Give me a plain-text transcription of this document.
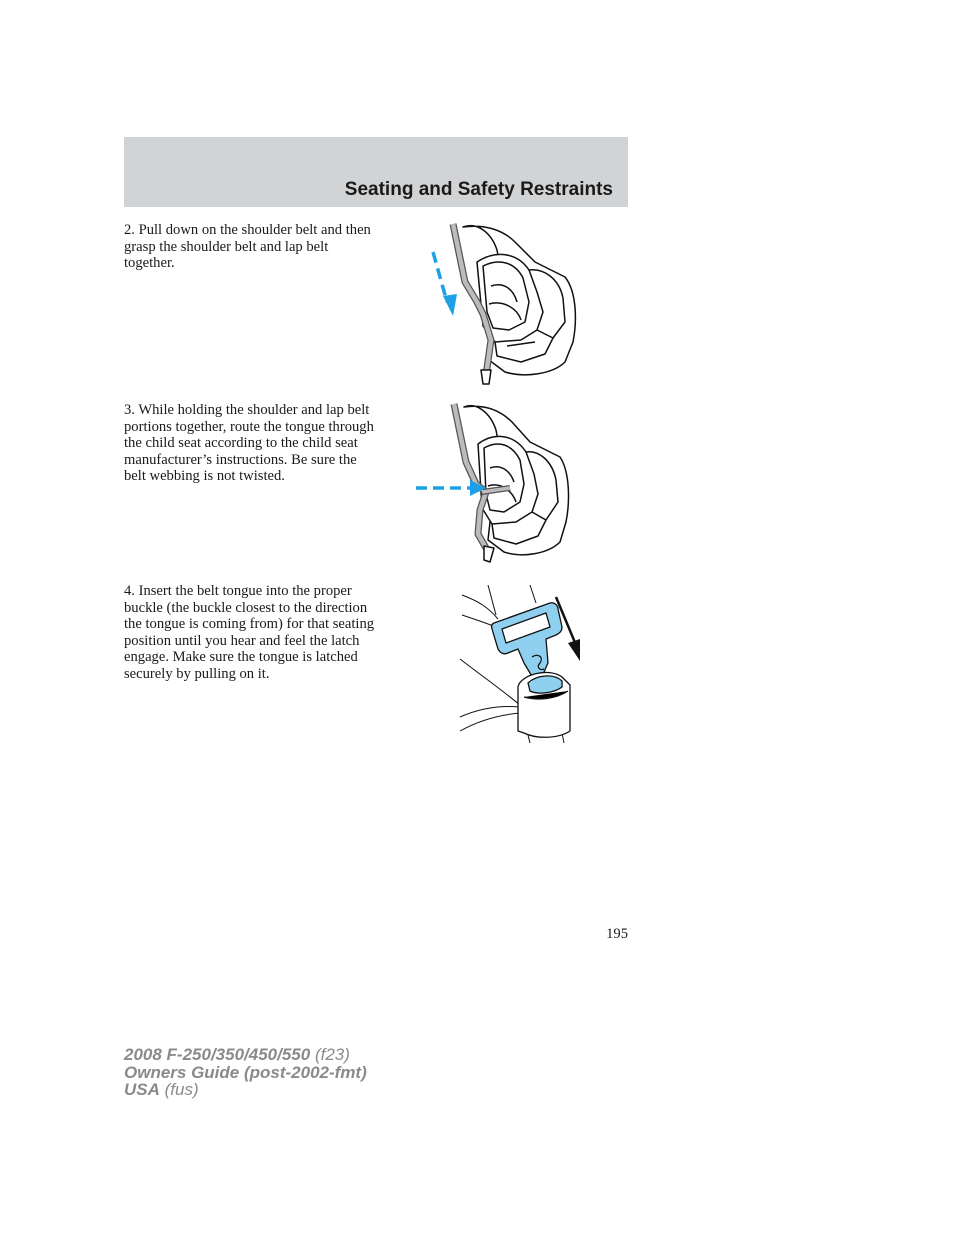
Seating and Safety Restraints
2. Pull down on the shoulder belt and then grasp the shoulder belt and lap belt together.
3. While holding the shoulder and lap belt portions together, route the tongue through the child seat according to the child seat manufacturer’s instructions. Be sure the belt webbing is not twisted.
4. Insert the belt tongue into the proper buckle (the buckle closest to the direction the tongue is coming from) for that seating position until you hear and feel the latch engage. Make sure the tongue is latched securely by pulling on it.
195
2008 F-250/350/450/550 (f23)
Owners Guide (post-2002-fmt)
USA (fus)
